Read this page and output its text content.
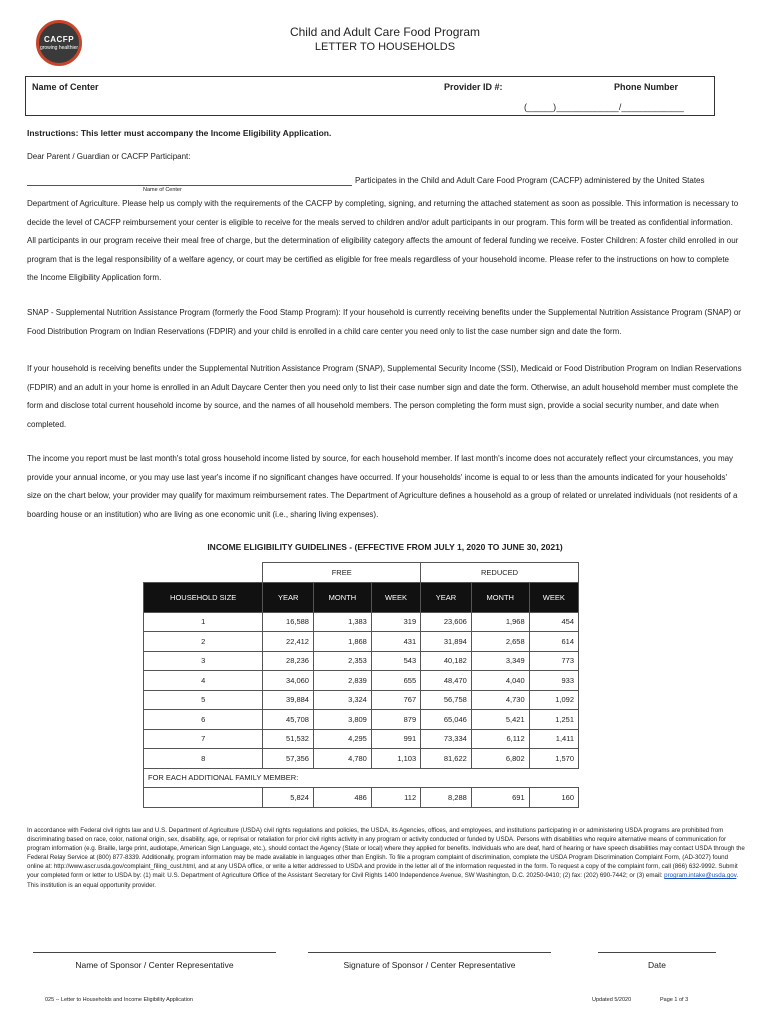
CACFP
growing healthier
Child and Adult Care Food Program
LETTER TO HOUSEHOLDS
Name of Center	Provider ID #:	Phone Number
(_____)____________/____________
Instructions: This letter must accompany the Income Eligibility Application.
Dear Parent / Guardian or CACFP Participant:
Name of Center
Participates in the Child and Adult Care Food Program (CACFP) administered by the United States
Department of Agriculture. Please help us comply with the requirements of the CACFP by completing, signing, and returning the attached statement as soon as possible. This information is necessary to decide the level of CACFP reimbursement your center is eligible to receive for the meals served to children and/or adult participants in our program. This form will be treated as confidential information. All participants in our program receive their meal free of charge, but the determination of eligibility category affects the amount of federal funding we receive. Foster Children: A foster child enrolled in our program that is the legal responsibility of a welfare agency, or court may be certified as eligible for free meals regardless of your household income. Please refer to the instructions on how to complete the Income Eligibility Application form.
SNAP - Supplemental Nutrition Assistance Program (formerly the Food Stamp Program): If your household is currently receiving benefits under the Supplemental Nutrition Assistance Program (SNAP) or Food Distribution Program on Indian Reservations (FDPIR) and your child is enrolled in a child care center you need only to list the case number sign and date the form.
If your household is receiving benefits under the Supplemental Nutrition Assistance Program (SNAP), Supplemental Security Income (SSI), Medicaid or Food Distribution Program on Indian Reservations (FDPIR) and an adult in your home is enrolled in an Adult Daycare Center then you need only to list their case number sign and date the form. Otherwise, an adult household member must complete the form and disclose total current household income by source, and the names of all household members. The person completing the form must sign, provide a social security number, and date when completed.
The income you report must be last month's total gross household income listed by source, for each household member. If last month's income does not accurately reflect your circumstances, you may provide your annual income, or you may use last year's income if no significant changes have occurred. If your households' income is equal to or less than the amounts indicated for your households' size on the chart below, your provider may qualify for maximum reimbursement rates. The Department of Agriculture defines a household as a group of related or unrelated individuals (not residents of a boarding house or an institution) who are living as one economic unit (i.e., sharing living expenses).
INCOME ELIGIBILITY GUIDELINES - (EFFECTIVE FROM JULY 1, 2020 TO JUNE 30, 2021)
	FREE			REDUCED		
HOUSEHOLD SIZE	YEAR	MONTH	WEEK	YEAR	MONTH	WEEK
1	16,588	1,383	319	23,606	1,968	454
2	22,412	1,868	431	31,894	2,658	614
3	28,236	2,353	543	40,182	3,349	773
4	34,060	2,839	655	48,470	4,040	933
5	39,884	3,324	767	56,758	4,730	1,092
6	45,708	3,809	879	65,046	5,421	1,251
7	51,532	4,295	991	73,334	6,112	1,411
8	57,356	4,780	1,103	81,622	6,802	1,570
FOR EACH ADDITIONAL FAMILY MEMBER:						
	5,824	486	112	8,288	691	160
In accordance with Federal civil rights law and U.S. Department of Agriculture (USDA) civil rights regulations and policies, the USDA, its Agencies, offices, and employees, and institutions participating in or administering USDA programs are prohibited from discriminating based on race, color, national origin, sex, disability, age, or reprisal or retaliation for prior civil rights activity in any program or activity conducted or funded by USDA. Persons with disabilities who require alternative means of communication for program information (e.g. Braille, large print, audiotape, American Sign Language, etc.), should contact the Agency (State or local) where they applied for benefits. Individuals who are deaf, hard of hearing or have speech disabilities may contact USDA through the Federal Relay Service at (800) 877-8339. Additionally, program information may be made available in languages other than English. To file a program complaint of discrimination, complete the USDA Program Discrimination Complaint Form, (AD-3027) found online at: http://www.ascr.usda.gov/complaint_filing_cust.html, and at any USDA office, or write a letter addressed to USDA and provide in the letter all of the information requested in the form. To request a copy of the complaint form, call (866) 632-9992. Submit your completed form or letter to USDA by: (1) mail: U.S. Department of Agriculture Office of the Assistant Secretary for Civil Rights 1400 Independence Avenue, SW Washington, D.C. 20250-9410; (2) fax: (202) 690-7442; or (3) email: program.intake@usda.gov. This institution is an equal opportunity provider.
Name of Sponsor / Center Representative	Signature of Sponsor / Center Representative	Date
025 -- Letter to Households and Income Eligibility Application	Updated 5/2020	Page 1 of 3
